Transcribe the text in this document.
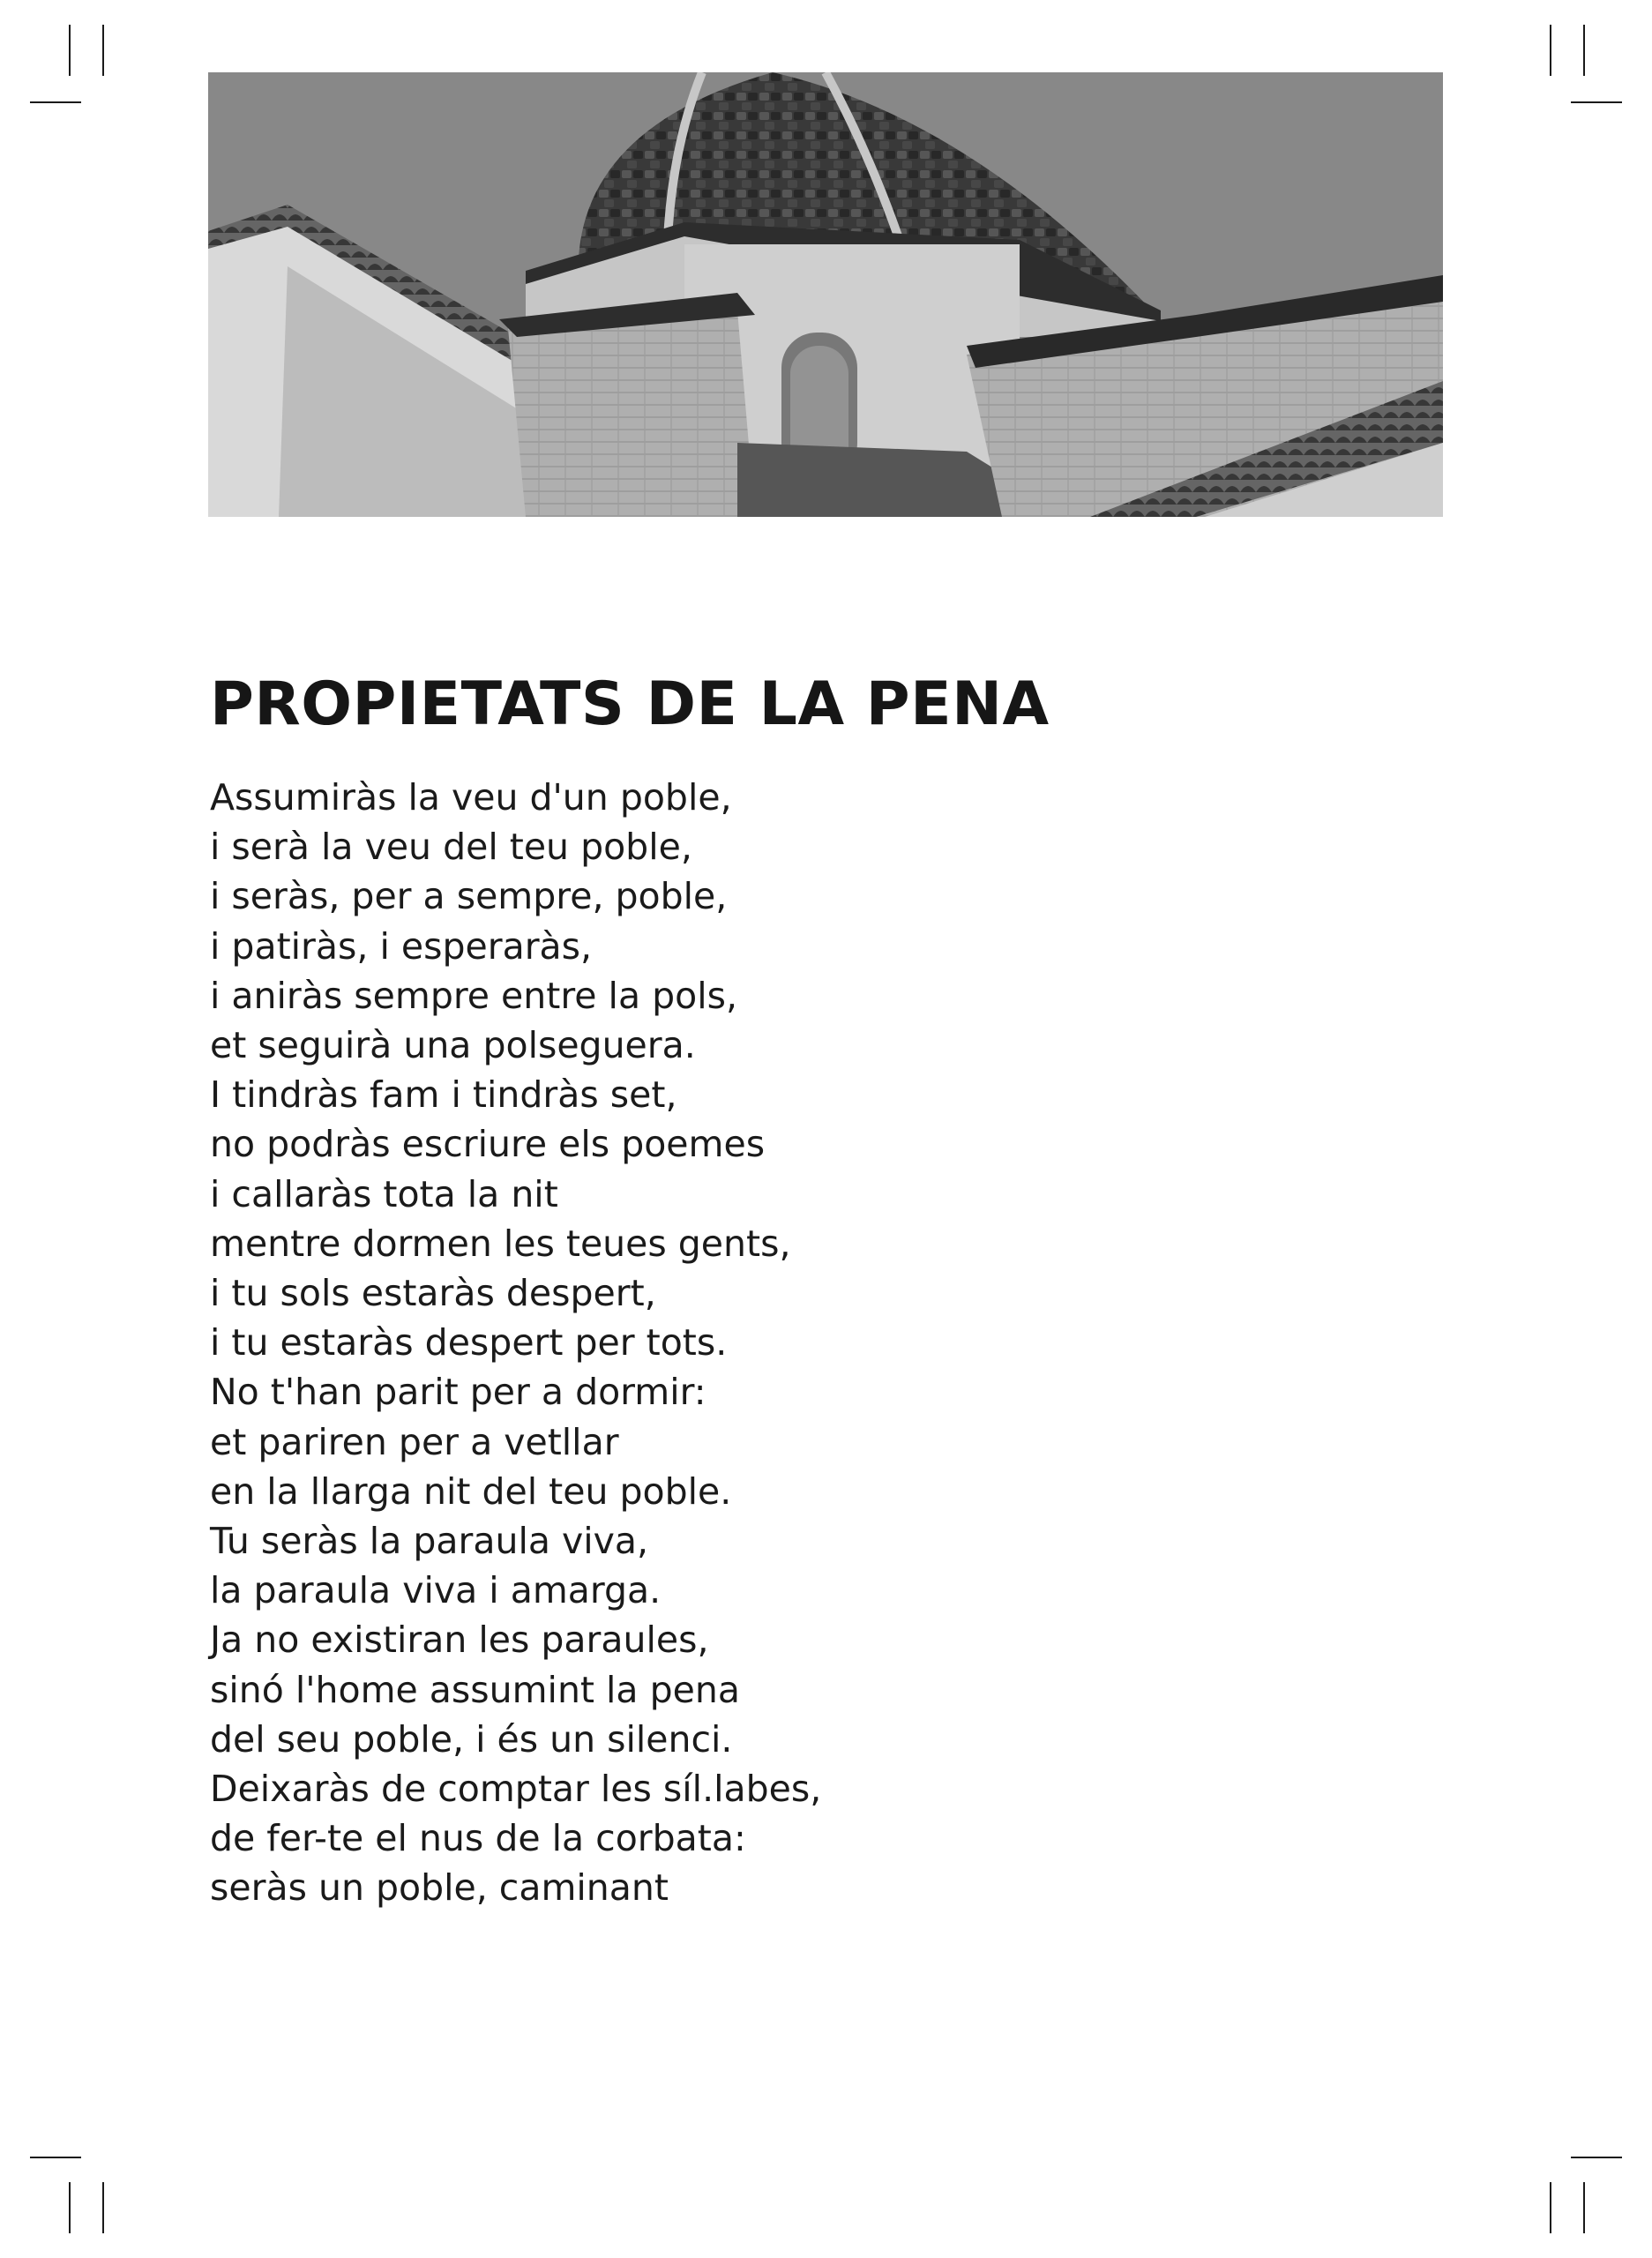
PROPIETATS DE LA PENA
Assumiràs la veu d'un poble,
i serà la veu del teu poble,
i seràs, per a sempre, poble,
i patiràs, i esperaràs,
i aniràs sempre entre la pols,
et seguirà una polseguera.
I tindràs fam i tindràs set,
no podràs escriure els poemes
i callaràs tota la nit
mentre dormen les teues gents,
i tu sols estaràs despert,
i tu estaràs despert per tots.
No t'han parit per a dormir:
et pariren per a vetllar
en la llarga nit del teu poble.
Tu seràs la paraula viva,
la paraula viva i amarga.
Ja no existiran les paraules,
sinó l'home assumint la pena
del seu poble, i és un silenci.
Deixaràs de comptar les síl.labes,
de fer-te el nus de la corbata:
seràs un poble, caminant
